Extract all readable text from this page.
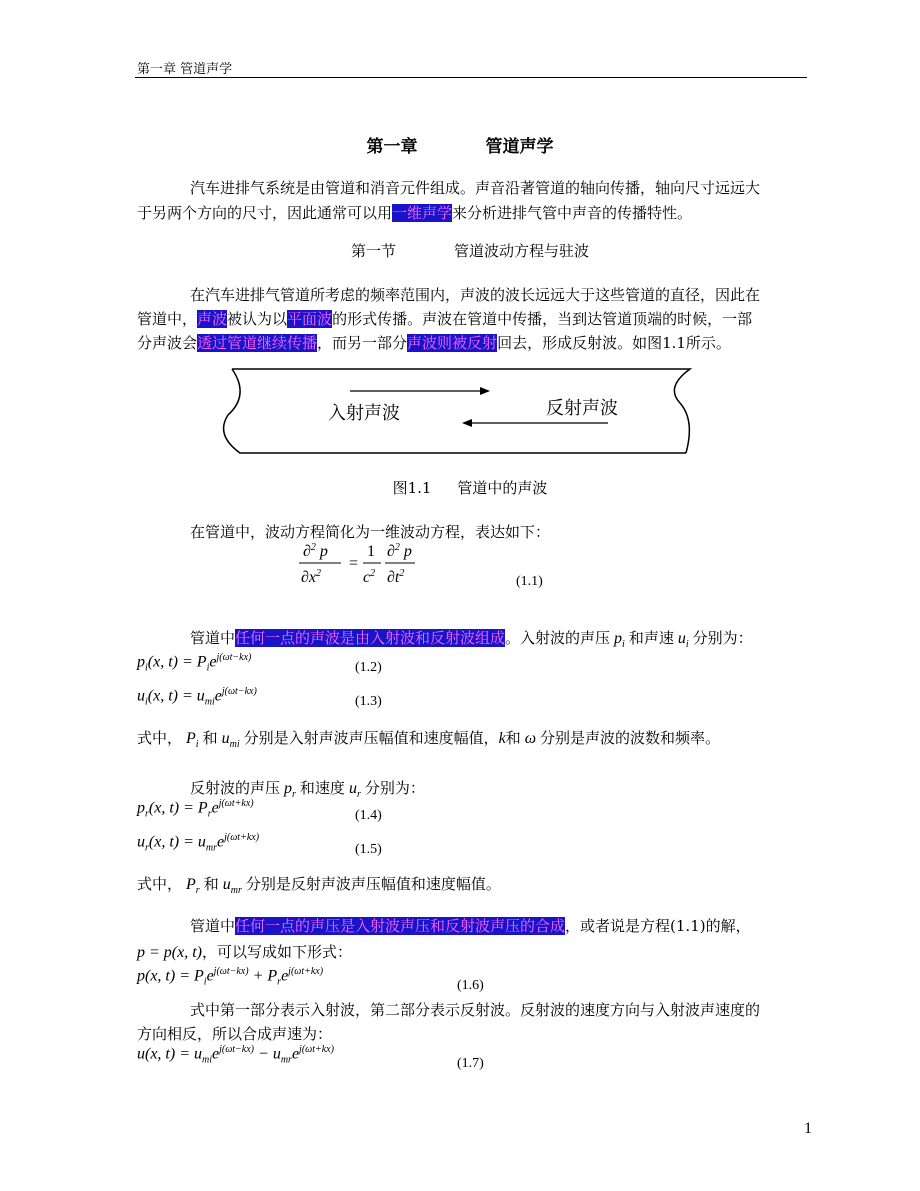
第一章 管道声学
第一章	管道声学
汽车进排气系统是由管道和消音元件组成。声音沿著管道的轴向传播，轴向尺寸远远大
于另两个方向的尺寸，因此通常可以用一维声学来分析进排气管中声音的传播特性。
第一节	管道波动方程与驻波
在汽车进排气管道所考虑的频率范围内，声波的波长远远大于这些管道的直径，因此在
管道中，声波被认为以平面波的形式传播。声波在管道中传播，当到达管道顶端的时候，一部
分声波会透过管道继续传播，而另一部分声波则被反射回去，形成反射波。如图1.1所示。
入射声波	反射声波
图1.1 管道中的声波
在管道中，波动方程简化为一维波动方程，表达如下：
∂$^2$ p
$\partial x^2$
=
1
$c^2$
∂$^2$ p
$\partial t^2$
(1.1)
管道中任何一点的声波是由入射波和反射波组成。入射波的声压 $p_i$ 和声速 $u_i$ 分别为：
$p_i(x$, $t) = P_ie^{j(\omega t-kx)}$
(1.2)
$u_i(x$, $t) = u_{mi}e^{j(\omega t-kx)}$
(1.3)
式中， $P_i$ 和 $u_{mi}$ 分别是入射声波声压幅值和速度幅值，k和 ω 分别是声波的波数和频率。
反射波的声压 $p_r$ 和速度 $u_r$ 分别为：
$p_r(x$, $t) = P_re^{j(\omega t+kx)}$
(1.4)
$u_r(x$, $t) = u_{mr}e^{j(\omega t+kx)}$
(1.5)
式中， $P_r$ 和 $u_{mr}$ 分别是反射声波声压幅值和速度幅值。
管道中任何一点的声压是入射波声压和反射波声压的合成，或者说是方程(1.1)的解，
p = p(x, t)，可以写成如下形式：
p(x, $t) = P_ie^{j(\omega t-kx)} + P_re^{j(\omega t+kx)}$
(1.6)
式中第一部分表示入射波，第二部分表示反射波。反射波的速度方向与入射波声速度的
方向相反，所以合成声速为：
u(x, $t) = u_{mi}e^{j(\omega t-kx)} - u_{mr}e^{j(\omega t+kx)}$
(1.7)
1
